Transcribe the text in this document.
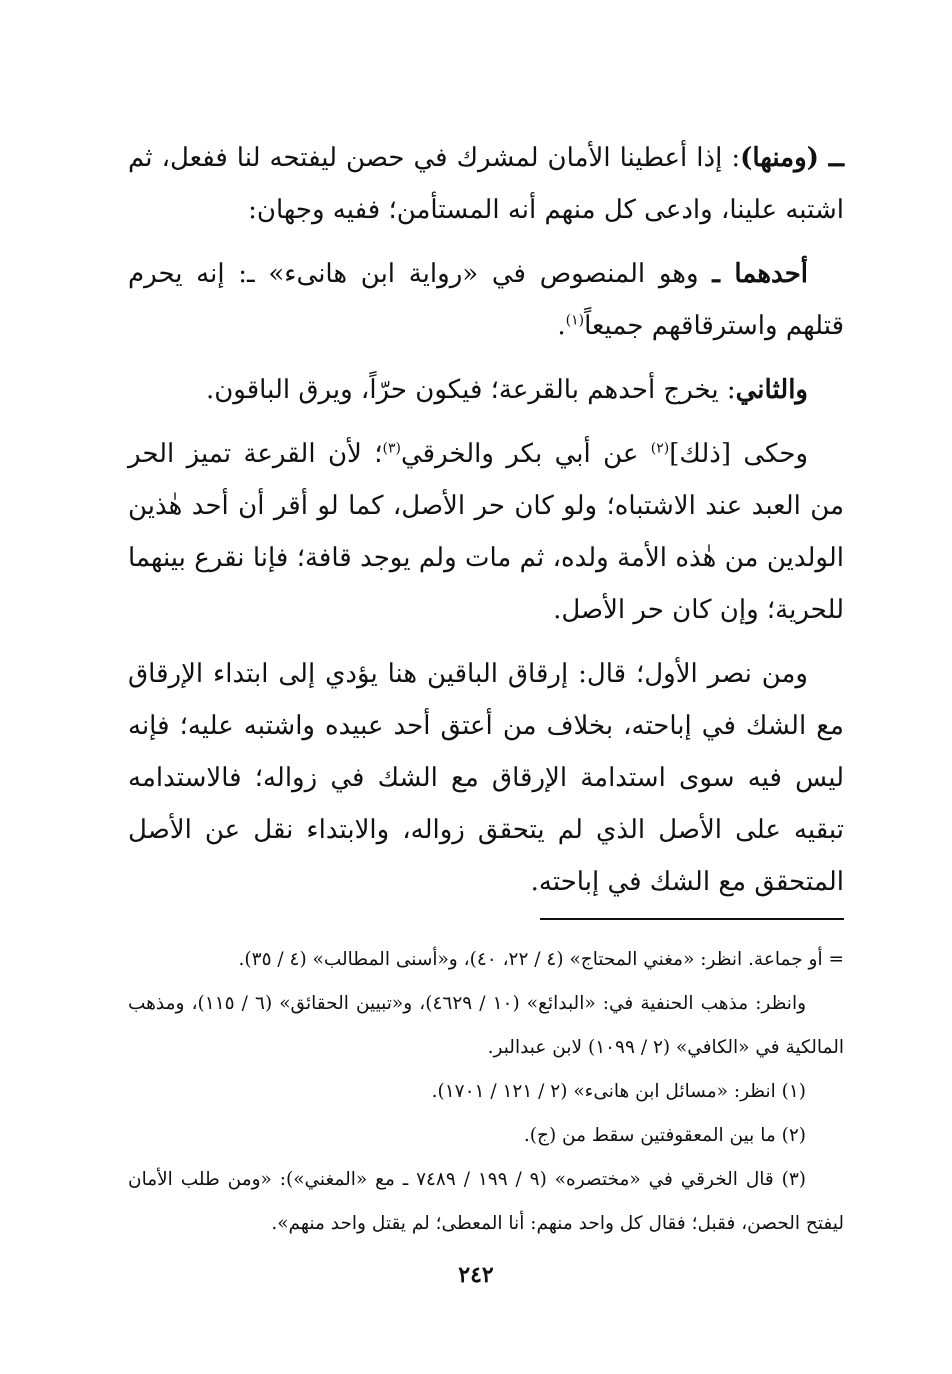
ــ (ومنها): إذا أعطينا الأمان لمشرك في حصن ليفتحه لنا ففعل، ثم اشتبه علينا، وادعى كل منهم أنه المستأمن؛ ففيه وجهان:

أحدهما ـ وهو المنصوص في «رواية ابن هانىء» ـ: إنه يحرم قتلهم واسترقاقهم جميعاً$^{(١)}$.

والثاني: يخرج أحدهم بالقرعة؛ فيكون حرّاً، ويرق الباقون.

وحكى [ذلك]$^{(٢)}$ عن أبي بكر والخرقي$^{(٣)}$؛ لأن القرعة تميز الحر من العبد عند الاشتباه؛ ولو كان حر الأصل، كما لو أقر أن أحد هٰذين الولدين من هٰذه الأمة ولده، ثم مات ولم يوجد قافة؛ فإنا نقرع بينهما للحرية؛ وإن كان حر الأصل.

ومن نصر الأول؛ قال: إرقاق الباقين هنا يؤدي إلى ابتداء الإرقاق مع الشك في إباحته، بخلاف من أعتق أحد عبيده واشتبه عليه؛ فإنه ليس فيه سوى استدامة الإرقاق مع الشك في زواله؛ فالاستدامه تبقيه على الأصل الذي لم يتحقق زواله، والابتداء نقل عن الأصل المتحقق مع الشك في إباحته.

= أو جماعة. انظر: «مغني المحتاج» (٤ / ٢٢، ٤٠)، و«أسنى المطالب» (٤ / ٣٥).

وانظر: مذهب الحنفية في: «البدائع» (١٠ / ٤٦٢٩)، و«تبيين الحقائق» (٦ / ١١٥)، ومذهب المالكية في «الكافي» (٢ / ١٠٩٩) لابن عبدالبر.

(١) انظر: «مسائل ابن هانىء» (٢ / ١٢١ / ١٧٠١).

(٢) ما بين المعقوفتين سقط من (ج).

(٣) قال الخرقي في «مختصره» (٩ / ١٩٩ / ٧٤٨٩ ـ مع «المغني»): «ومن طلب الأمان ليفتح الحصن، فقبل؛ فقال كل واحد منهم: أنا المعطى؛ لم يقتل واحد منهم».

٢٤٢
